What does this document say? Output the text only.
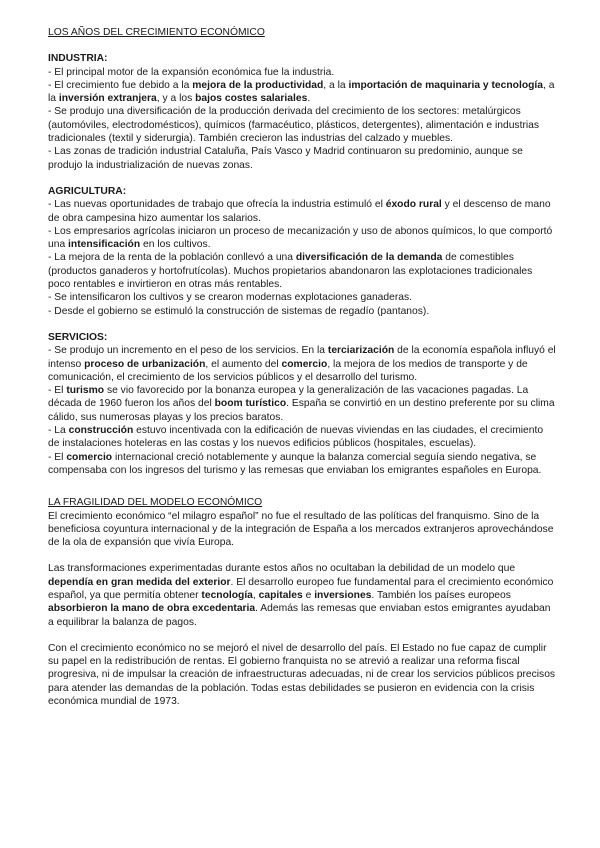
LOS AÑOS DEL CRECIMIENTO ECONÓMICO
INDUSTRIA:

- El principal motor de la expansión económica fue la industria.

- El crecimiento fue debido a la mejora de la productividad, a la importación de maquinaria y tecnología, a la inversión extranjera, y a los bajos costes salariales.

- Se produjo una diversificación de la producción derivada del crecimiento de los sectores: metalúrgicos (automóviles, electrodomésticos), químicos (farmacéutico, plásticos, detergentes), alimentación e industrias tradicionales (textil y siderurgia). También crecieron las industrias del calzado y muebles.

- Las zonas de tradición industrial Cataluña, País Vasco y Madrid continuaron su predominio, aunque se produjo la industrialización de nuevas zonas.

AGRICULTURA:

- Las nuevas oportunidades de trabajo que ofrecía la industria estimuló el éxodo rural y el descenso de mano de obra campesina hizo aumentar los salarios.

- Los empresarios agrícolas iniciaron un proceso de mecanización y uso de abonos químicos, lo que comportó una intensificación en los cultivos.

- La mejora de la renta de la población conllevó a una diversificación de la demanda de comestibles (productos ganaderos y hortofrutícolas). Muchos propietarios abandonaron las explotaciones tradicionales poco rentables e invirtieron en otras más rentables.

- Se intensificaron los cultivos y se crearon modernas explotaciones ganaderas.

- Desde el gobierno se estimuló la construcción de sistemas de regadío (pantanos).

SERVICIOS:

- Se produjo un incremento en el peso de los servicios. En la terciarización de la economía española influyó el intenso proceso de urbanización, el aumento del comercio, la mejora de los medios de transporte y de comunicación, el crecimiento de los servicios públicos y el desarrollo del turismo.

- El turismo se vio favorecido por la bonanza europea y la generalización de las vacaciones pagadas. La década de 1960 fueron los años del boom turístico. España se convirtió en un destino preferente por su clima cálido, sus numerosas playas y los precios baratos.

- La construcción estuvo incentivada con la edificación de nuevas viviendas en las ciudades, el crecimiento de instalaciones hoteleras en las costas y los nuevos edificios públicos (hospitales, escuelas).

- El comercio internacional creció notablemente y aunque la balanza comercial seguía siendo negativa, se compensaba con los ingresos del turismo y las remesas que enviaban los emigrantes españoles en Europa.

LA FRAGILIDAD DEL MODELO ECONÓMICO

El crecimiento económico “el milagro español” no fue el resultado de las políticas del franquismo. Sino de la beneficiosa coyuntura internacional y de la integración de España a los mercados extranjeros aprovechándose de la ola de expansión que vivía Europa.

Las transformaciones experimentadas durante estos años no ocultaban la debilidad de un modelo que dependía en gran medida del exterior. El desarrollo europeo fue fundamental para el crecimiento económico español, ya que permitía obtener tecnología, capitales e inversiones. También los países europeos absorbieron la mano de obra excedentaria. Además las remesas que enviaban estos emigrantes ayudaban a equilibrar la balanza de pagos.

Con el crecimiento económico no se mejoró el nivel de desarrollo del país. El Estado no fue capaz de cumplir su papel en la redistribución de rentas. El gobierno franquista no se atrevió a realizar una reforma fiscal progresiva, ni de impulsar la creación de infraestructuras adecuadas, ni de crear los servicios públicos precisos para atender las demandas de la población. Todas estas debilidades se pusieron en evidencia con la crisis económica mundial de 1973.
